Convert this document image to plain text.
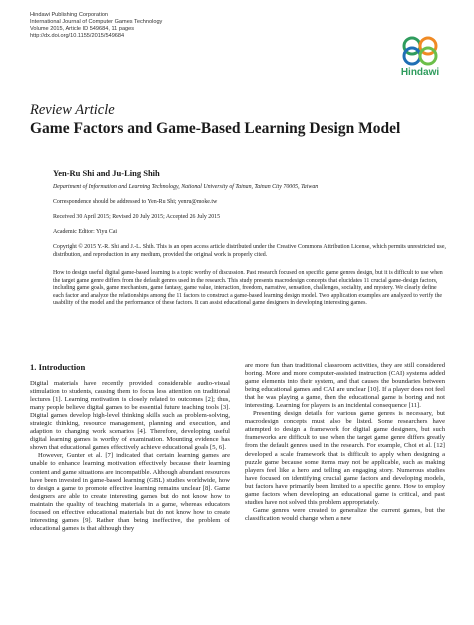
Hindawi Publishing Corporation
International Journal of Computer Games Technology
Volume 2015, Article ID 549684, 11 pages
http://dx.doi.org/10.1155/2015/549684
Hindawi
Review Article
Game Factors and Game-Based Learning Design Model
Yen-Ru Shi and Ju-Ling Shih
Department of Information and Learning Technology, National University of Tainan, Tainan City 70005, Taiwan
Correspondence should be addressed to Yen-Ru Shi; yenru@moke.tw
Received 30 April 2015; Revised 20 July 2015; Accepted 26 July 2015
Academic Editor: Yiyu Cai
Copyright © 2015 Y.-R. Shi and J.-L. Shih. This is an open access article distributed under the Creative Commons Attribution License, which permits unrestricted use, distribution, and reproduction in any medium, provided the original work is properly cited.
How to design useful digital game-based learning is a topic worthy of discussion. Past research focused on specific game genres design, but it is difficult to use when the target game genre differs from the default genres used in the research. This study presents macrodesign concepts that elucidates 11 crucial game-design factors, including game goals, game mechanism, game fantasy, game value, interaction, freedom, narrative, sensation, challenges, sociality, and mystery. We clearly define each factor and analyze the relationships among the 11 factors to construct a game-based learning design model. Two application examples are analyzed to verify the usability of the model and the performance of these factors. It can assist educational game designers in developing interesting games.
1. Introduction

Digital materials have recently provided considerable audio-visual stimulation to students, causing them to focus less attention on traditional lectures [1]. Learning motivation is closely related to outcomes [2]; thus, many people believe digital games to be essential future teaching tools [3]. Digital games develop high-level thinking skills such as problem-solving, strategic thinking, resource management, planning and execution, and adaption to changing work scenarios [4]. Therefore, developing useful digital learning games is worthy of examination. Mounting evidence has shown that educational games effectively achieve educational goals [5, 6].

However, Gunter et al. [7] indicated that certain learning games are unable to enhance learning motivation effectively because their learning content and game situations are incompatible. Although abundant resources have been invested in game-based learning (GBL) studies worldwide, how to design a game to promote effective learning remains unclear [8]. Game designers are able to create interesting games but do not know how to maintain the quality of teaching materials in a game, whereas educators focused on effective educational materials but do not know how to create interesting games [9]. Rather than being ineffective, the problem of educational games is that although they

are more fun than traditional classroom activities, they are still considered boring. More and more computer-assisted instruction (CAI) systems added game elements into their system, and that causes the boundaries between being educational games and CAI are unclear [10]. If a player does not feel that he was playing a game, then the educational game is boring and not interesting. Learning for players is an incidental consequence [11].

Presenting design details for various game genres is necessary, but macrodesign concepts must also be listed. Some researchers have attempted to design a framework for digital game designers, but such frameworks are difficult to use when the target game genre differs greatly from the default genres used in the research. For example, Choi et al. [12] developed a scale framework that is difficult to apply when designing a puzzle game because some items may not be applicable, such as making players feel like a hero and telling an engaging story. Numerous studies have focused on identifying crucial game factors and developing models, but factors have primarily been limited to a specific genre. How to employ game factors when developing an educational game is critical, and past studies have not solved this problem appropriately.

Game genres were created to generalize the current games, but the classification would change when a new
